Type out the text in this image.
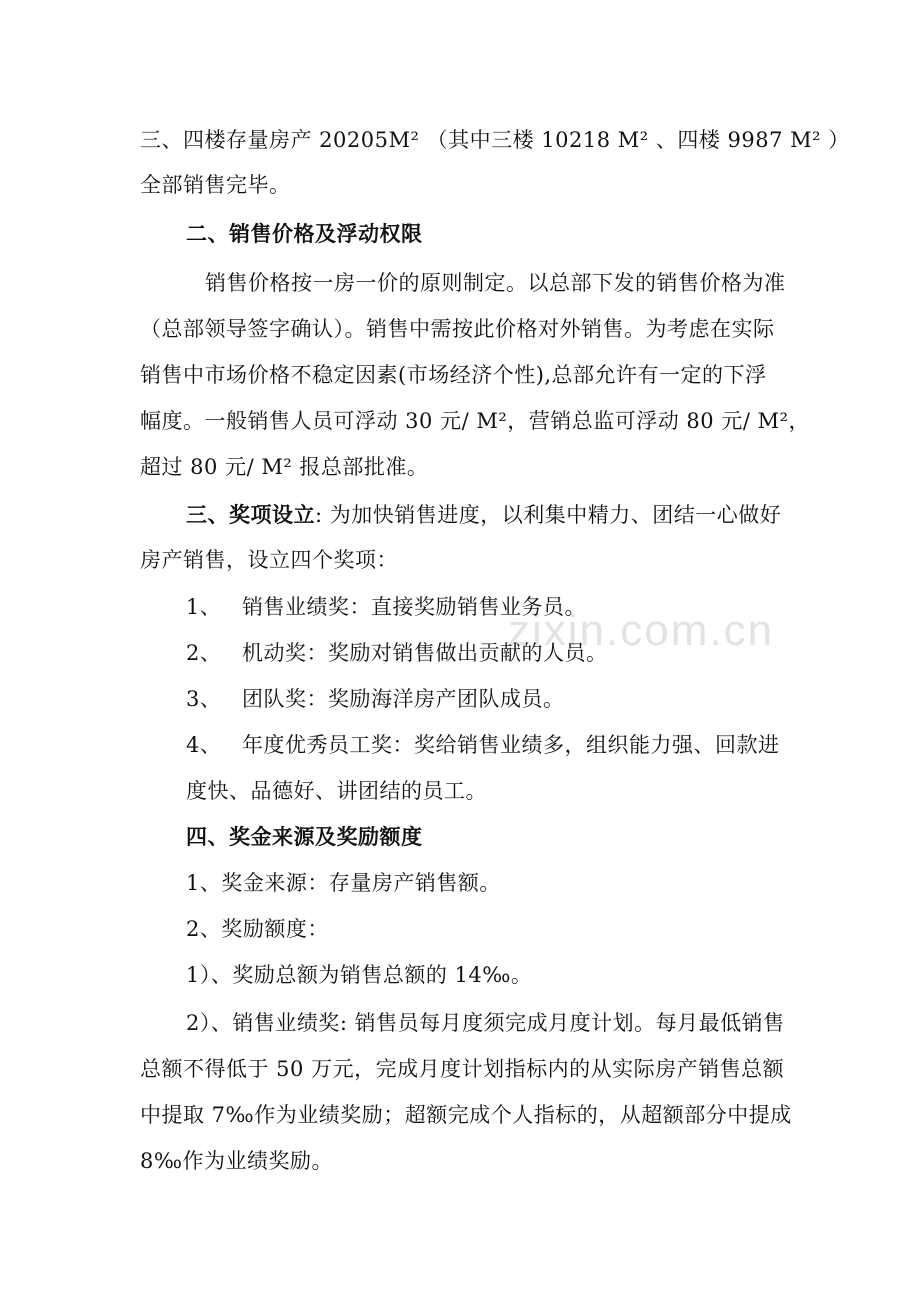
zixin.com.cn
三、四楼存量房产 20205M² （其中三楼 10218 M² 、四楼 9987 M² ）
全部销售完毕。
二、销售价格及浮动权限
销售价格按一房一价的原则制定。以总部下发的销售价格为准
（总部领导签字确认）。销售中需按此价格对外销售。为考虑在实际
销售中市场价格不稳定因素(市场经济个性),总部允许有一定的下浮
幅度。一般销售人员可浮动 30 元/ M²，营销总监可浮动 80 元/ M²，
超过 80 元/ M² 报总部批准。
三、奖项设立: 为加快销售进度，以利集中精力、团结一心做好
房产销售，设立四个奖项：
1、 销售业绩奖：直接奖励销售业务员。
2、 机动奖：奖励对销售做出贡献的人员。
3、 团队奖：奖励海洋房产团队成员。
4、 年度优秀员工奖：奖给销售业绩多，组织能力强、回款进
度快、品德好、讲团结的员工。
四、奖金来源及奖励额度
1、奖金来源：存量房产销售额。
2、奖励额度：
1）、奖励总额为销售总额的 14‰。
2）、销售业绩奖: 销售员每月度须完成月度计划。每月最低销售
总额不得低于 50 万元，完成月度计划指标内的从实际房产销售总额
中提取 7‰作为业绩奖励；超额完成个人指标的，从超额部分中提成
8‰作为业绩奖励。
